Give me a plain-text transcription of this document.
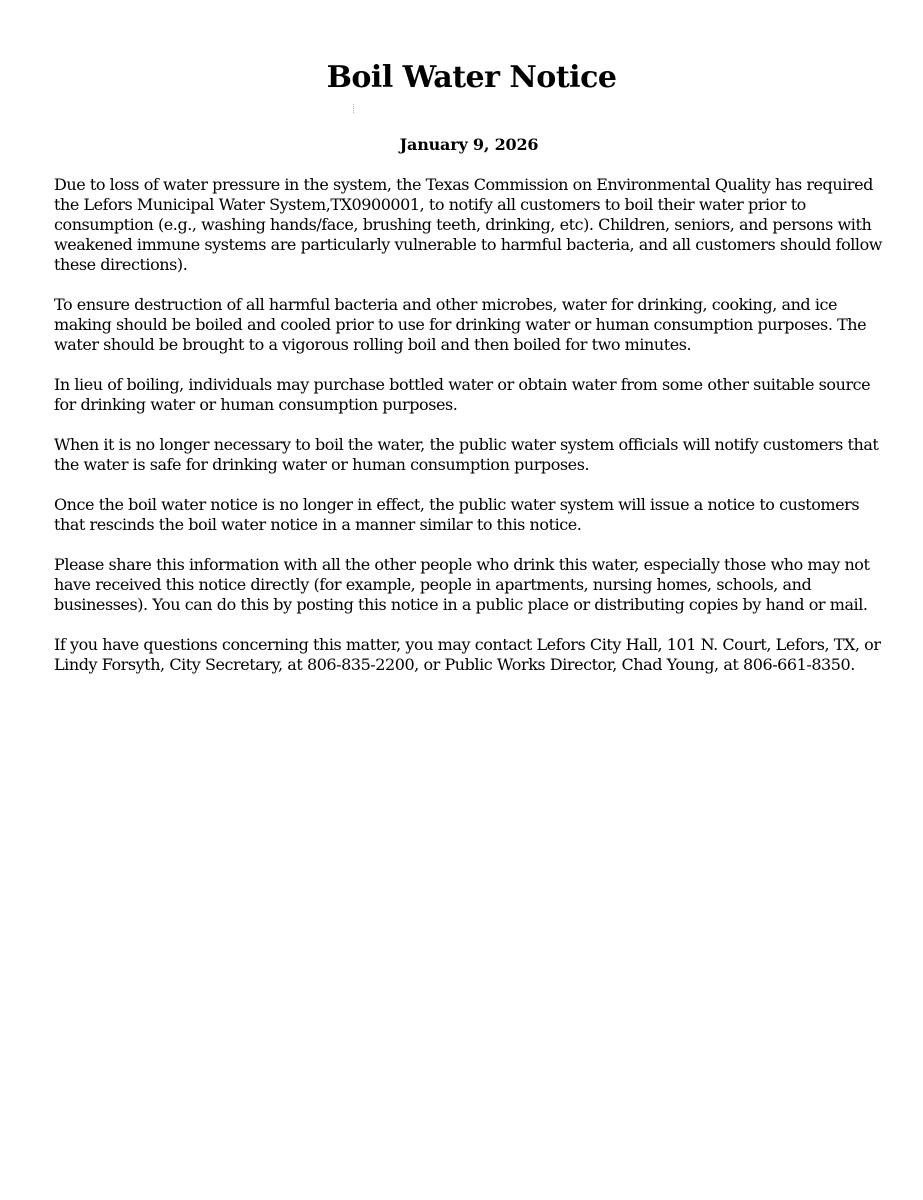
Boil Water Notice
January 9, 2026

Due to loss of water pressure in the system, the Texas Commission on Environmental Quality has required the Lefors Municipal Water System,TX0900001, to notify all customers to boil their water prior to consumption (e.g., washing hands/face, brushing teeth, drinking, etc). Children, seniors, and persons with weakened immune systems are particularly vulnerable to harmful bacteria, and all customers should follow these directions).

To ensure destruction of all harmful bacteria and other microbes, water for drinking, cooking, and ice making should be boiled and cooled prior to use for drinking water or human consumption purposes. The water should be brought to a vigorous rolling boil and then boiled for two minutes.

In lieu of boiling, individuals may purchase bottled water or obtain water from some other suitable source for drinking water or human consumption purposes.

When it is no longer necessary to boil the water, the public water system officials will notify customers that the water is safe for drinking water or human consumption purposes.

Once the boil water notice is no longer in effect, the public water system will issue a notice to customers that rescinds the boil water notice in a manner similar to this notice.

Please share this information with all the other people who drink this water, especially those who may not have received this notice directly (for example, people in apartments, nursing homes, schools, and businesses). You can do this by posting this notice in a public place or distributing copies by hand or mail.

If you have questions concerning this matter, you may contact Lefors City Hall, 101 N. Court, Lefors, TX, or Lindy Forsyth, City Secretary, at 806-835-2200, or Public Works Director, Chad Young, at 806-661-8350.
